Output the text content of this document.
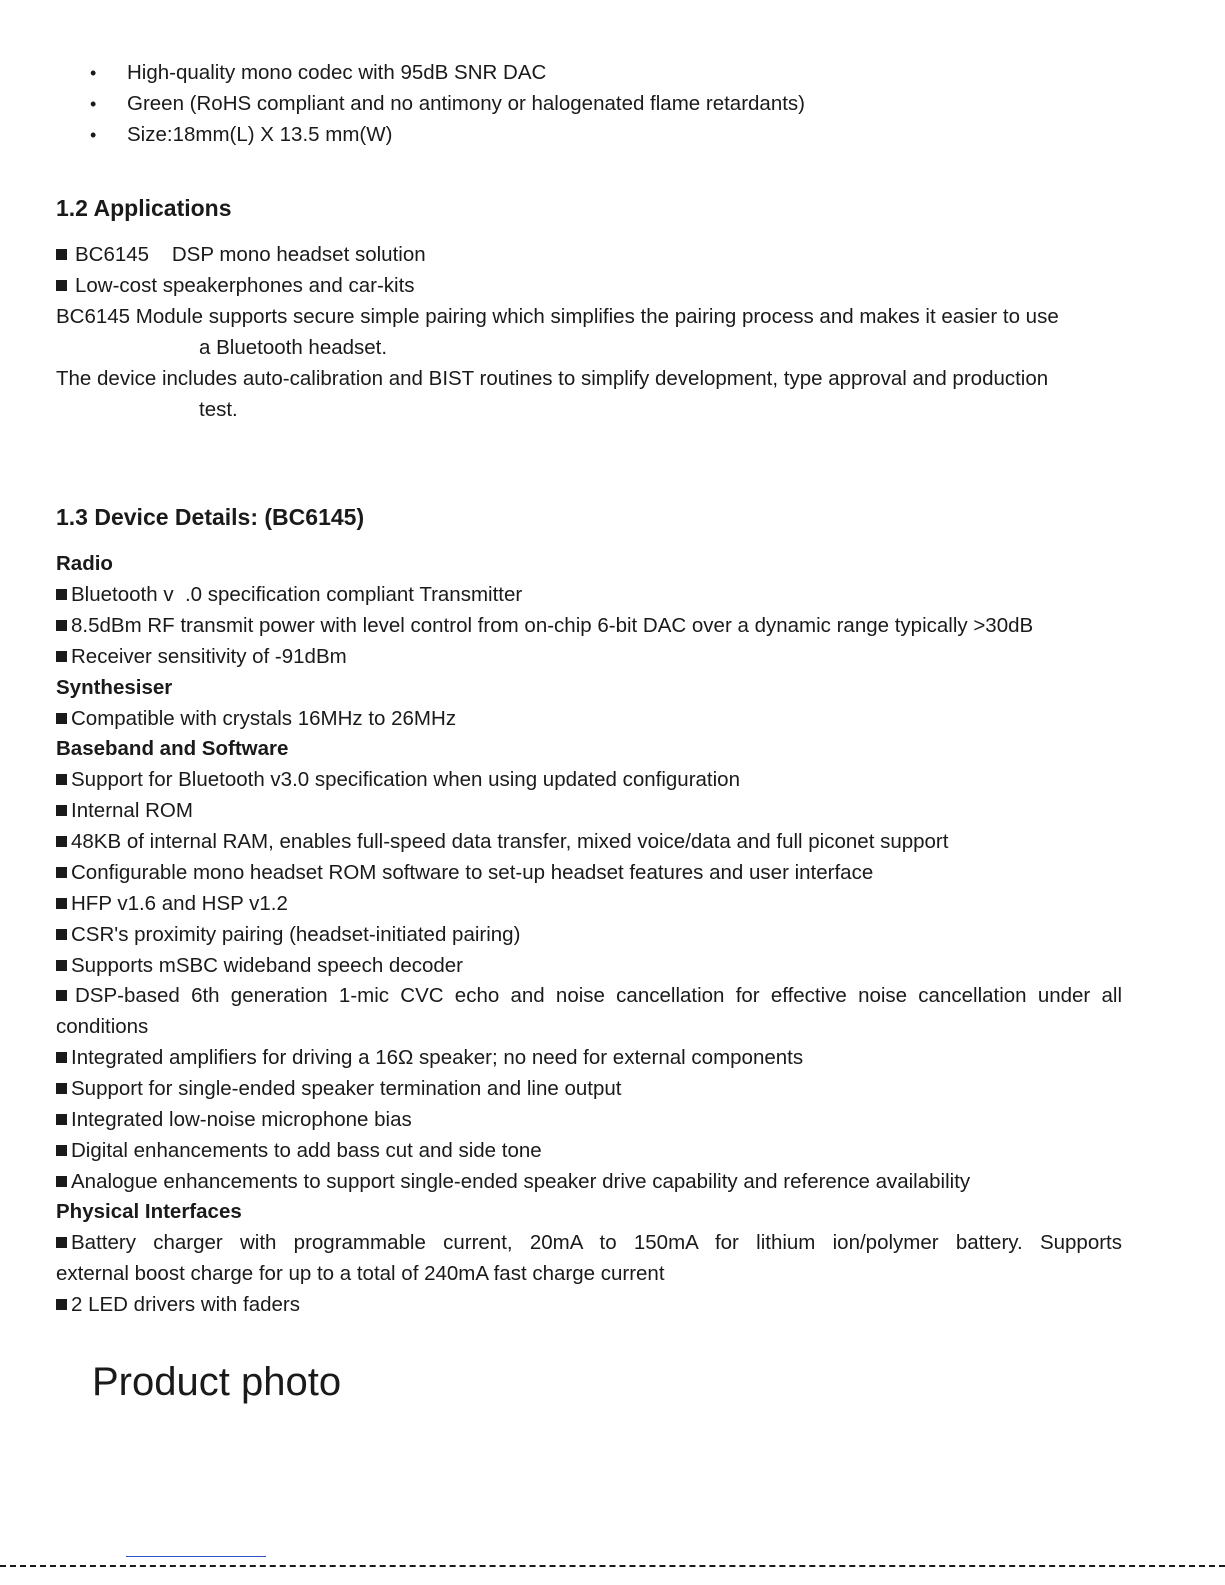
• High-quality mono codec with 95dB SNR DAC
• Green (RoHS compliant and no antimony or halogenated flame retardants)
• Size:18mm(L) X 13.5 mm(W)
1.2 Applications
BC6145    DSP mono headset solution
Low-cost speakerphones and car-kits
BC6145 Module supports secure simple pairing which simplifies the pairing process and makes it easier to use
a Bluetooth headset.
The device includes auto-calibration and BIST routines to simplify development, type approval and production
test.
1.3 Device Details: (BC6145)
Radio
Bluetooth v  .0 specification compliant Transmitter
8.5dBm RF transmit power with level control from on-chip 6-bit DAC over a dynamic range typically >30dB
Receiver sensitivity of -91dBm
Synthesiser
Compatible with crystals 16MHz to 26MHz
Baseband and Software
Support for Bluetooth v3.0 specification when using updated configuration
Internal ROM
48KB of internal RAM, enables full-speed data transfer, mixed voice/data and full piconet support
Configurable mono headset ROM software to set-up headset features and user interface
HFP v1.6 and HSP v1.2
CSR's proximity pairing (headset-initiated pairing)
Supports mSBC wideband speech decoder
DSP-based 6th generation 1-mic CVC echo and noise cancellation for effective noise cancellation under all
conditions
Integrated amplifiers for driving a 16Ω speaker; no need for external components
Support for single-ended speaker termination and line output
Integrated low-noise microphone bias
Digital enhancements to add bass cut and side tone
Analogue enhancements to support single-ended speaker drive capability and reference availability
Physical Interfaces
Battery charger with programmable current, 20mA to 150mA for lithium ion/polymer battery. Supports
external boost charge for up to a total of 240mA fast charge current
2 LED drivers with faders
Product photo
